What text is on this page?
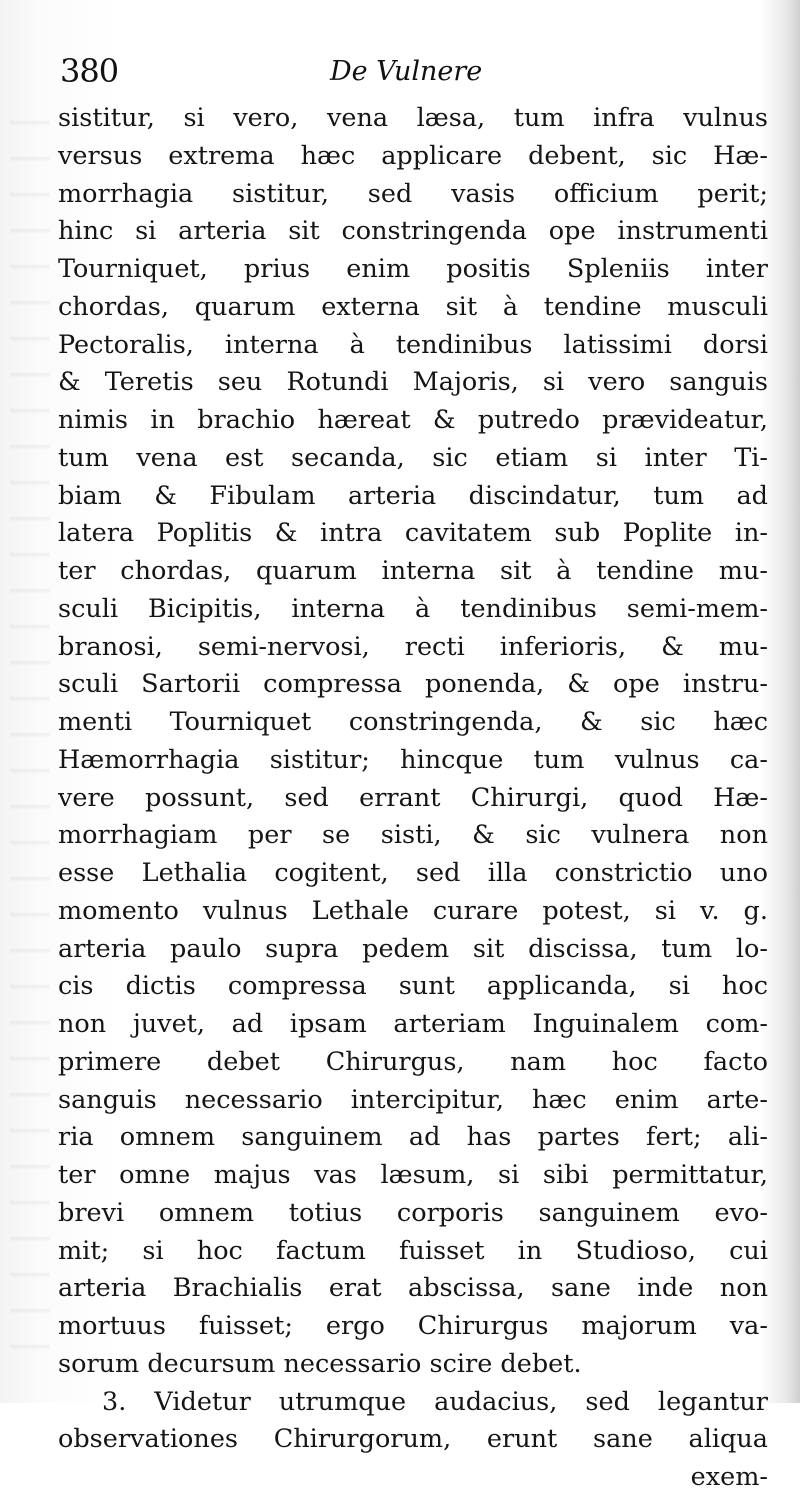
380	De Vulnere
sistitur, si vero, vena læsa, tum infra vulnus
versus extrema hæc applicare debent, sic Hæ-
morrhagia sistitur, sed vasis officium perit;
hinc si arteria sit constringenda ope instrumenti
Tourniquet, prius enim positis Spleniis inter
chordas, quarum externa sit à tendine musculi
Pectoralis, interna à tendinibus latissimi dorsi
& Teretis seu Rotundi Majoris, si vero sanguis
nimis in brachio hæreat & putredo prævideatur,
tum vena est secanda, sic etiam si inter Ti-
biam & Fibulam arteria discindatur, tum ad
latera Poplitis & intra cavitatem sub Poplite in-
ter chordas, quarum interna sit à tendine mu-
sculi Bicipitis, interna à tendinibus semi-mem-
branosi, semi-nervosi, recti inferioris, & mu-
sculi Sartorii compressa ponenda, & ope instru-
menti Tourniquet constringenda, & sic hæc
Hæmorrhagia sistitur; hincque tum vulnus ca-
vere possunt, sed errant Chirurgi, quod Hæ-
morrhagiam per se sisti, & sic vulnera non
esse Lethalia cogitent, sed illa constrictio uno
momento vulnus Lethale curare potest, si v. g.
arteria paulo supra pedem sit discissa, tum lo-
cis dictis compressa sunt applicanda, si hoc
non juvet, ad ipsam arteriam Inguinalem com-
primere debet Chirurgus, nam hoc facto
sanguis necessario intercipitur, hæc enim arte-
ria omnem sanguinem ad has partes fert; ali-
ter omne majus vas læsum, si sibi permittatur,
brevi omnem totius corporis sanguinem evo-
mit; si hoc factum fuisset in Studioso, cui
arteria Brachialis erat abscissa, sane inde non
mortuus fuisset; ergo Chirurgus majorum va-
sorum decursum necessario scire debet.
3. Videtur utrumque audacius, sed legantur
observationes Chirurgorum, erunt sane aliqua
exem-
